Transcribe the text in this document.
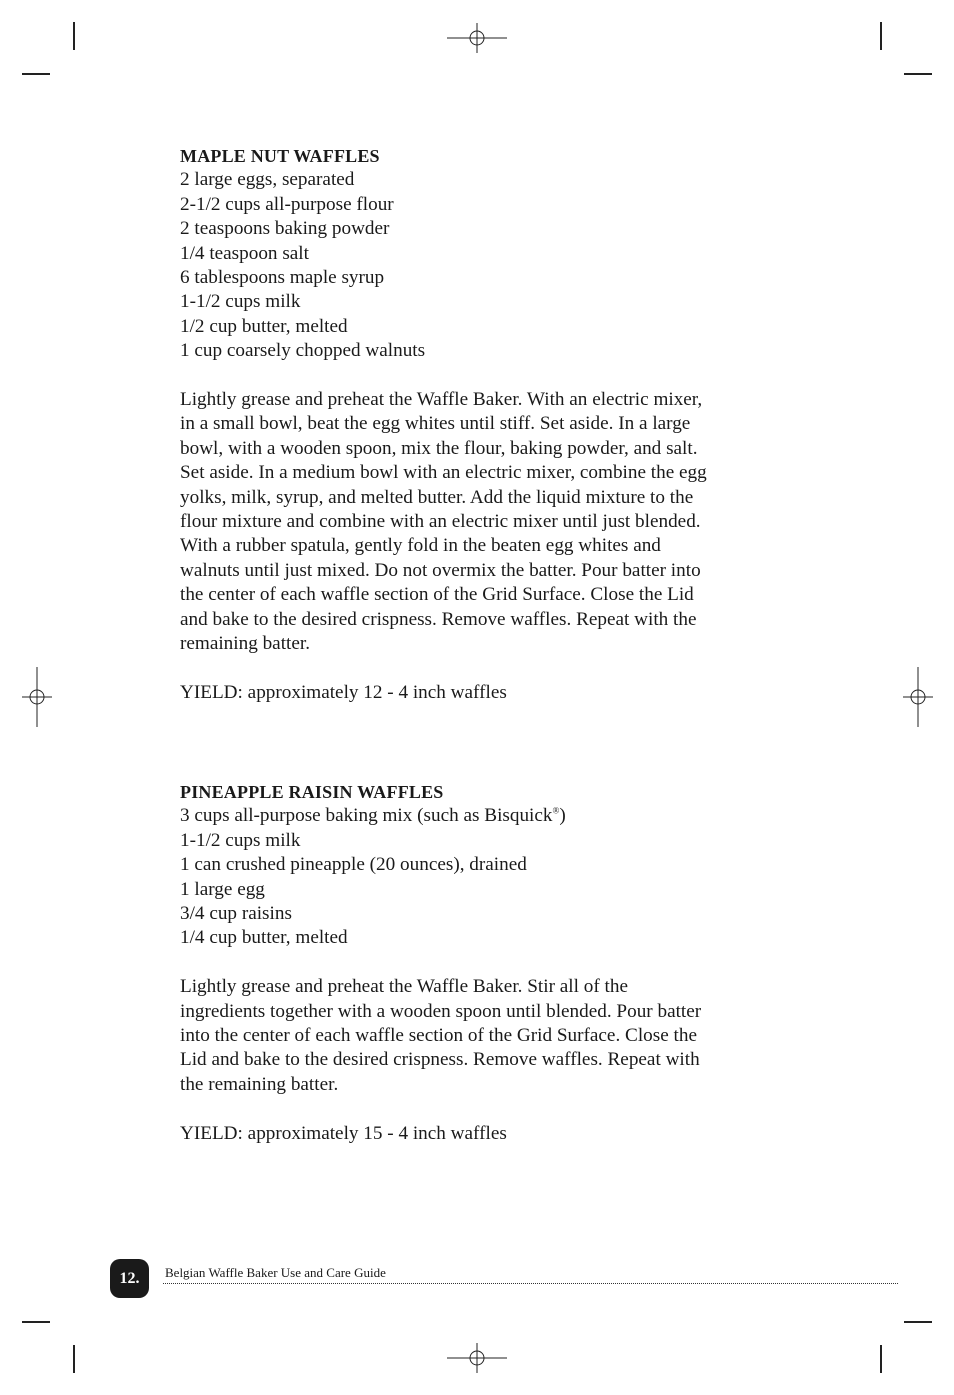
MAPLE NUT WAFFLES
2 large eggs, separated
2-1/2 cups all-purpose flour
2 teaspoons baking powder
1/4 teaspoon salt
6 tablespoons maple syrup
1-1/2 cups milk
1/2 cup butter, melted
1 cup coarsely chopped walnuts

Lightly grease and preheat the Waffle Baker. With an electric mixer,
in a small bowl, beat the egg whites until stiff. Set aside. In a large
bowl, with a wooden spoon, mix the flour, baking powder, and salt.
Set aside. In a medium bowl with an electric mixer, combine the egg
yolks, milk, syrup, and melted butter. Add the liquid mixture to the
flour mixture and combine with an electric mixer until just blended.
With a rubber spatula, gently fold in the beaten egg whites and
walnuts until just mixed. Do not overmix the batter. Pour batter into
the center of each waffle section of the Grid Surface. Close the Lid
and bake to the desired crispness. Remove waffles. Repeat with the
remaining batter.

YIELD: approximately 12 - 4 inch waffles

PINEAPPLE RAISIN WAFFLES
3 cups all-purpose baking mix (such as Bisquick®)
1-1/2 cups milk
1 can crushed pineapple (20 ounces), drained
1 large egg
3/4 cup raisins
1/4 cup butter, melted

Lightly grease and preheat the Waffle Baker. Stir all of the
ingredients together with a wooden spoon until blended. Pour batter
into the center of each waffle section of the Grid Surface. Close the
Lid and bake to the desired crispness. Remove waffles. Repeat with
the remaining batter.

YIELD: approximately 15 - 4 inch waffles

12.	Belgian Waffle Baker Use and Care Guide
